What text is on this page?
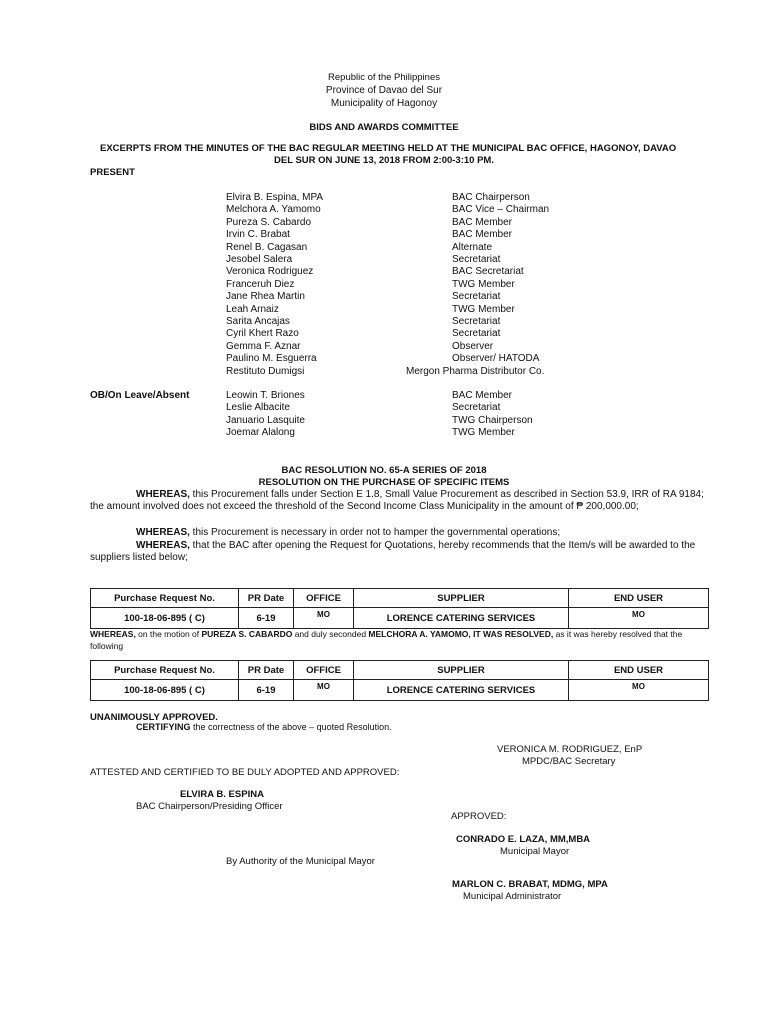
Republic of the Philippines
Province of Davao del Sur
Municipality of Hagonoy
BIDS AND AWARDS COMMITTEE
EXCERPTS FROM THE MINUTES OF THE BAC REGULAR MEETING HELD AT THE MUNICIPAL BAC OFFICE, HAGONOY, DAVAO
DEL SUR ON JUNE 13, 2018 FROM 2:00-3:10 PM.
PRESENT
Elvira B. Espina, MPA	BAC Chairperson
Melchora A. Yamomo	BAC Vice – Chairman
Pureza S. Cabardo	BAC Member
Irvin C. Brabat	BAC Member
Renel B. Cagasan	Alternate
Jesobel Salera	Secretariat
Veronica Rodriguez	BAC Secretariat
Franceruh Diez	TWG Member
Jane Rhea Martin	Secretariat
Leah Arnaiz	TWG Member
Sarita Ancajas	Secretariat
Cyril Khert Razo	Secretariat
Gemma F. Aznar	Observer
Paulino M. Esguerra	Observer/ HATODA
Restituto Dumigsi	Mergon Pharma Distributor Co.
OB/On Leave/Absent	Leowin T. Briones	BAC Member
Leslie Albacite	Secretariat
Januario Lasquite	TWG Chairperson
Joemar Alalong	TWG Member
BAC RESOLUTION NO. 65-A SERIES OF 2018
RESOLUTION ON THE PURCHASE OF SPECIFIC ITEMS
WHEREAS, this Procurement falls under Section E 1.8, Small Value Procurement as described in Section 53.9, IRR of RA 9184; the amount involved does not exceed the threshold of the Second Income Class Municipality in the amount of ₱ 200,000.00;
WHEREAS, this Procurement is necessary in order not to hamper the governmental operations;
WHEREAS, that the BAC after opening the Request for Quotations, hereby recommends that the Item/s will be awarded to the suppliers listed below;
Purchase Request No.	PR Date	OFFICE	SUPPLIER	END USER
100-18-06-895 ( C)	6-19	MO	LORENCE CATERING SERVICES	MO
WHEREAS, on the motion of PUREZA S. CABARDO and duly seconded MELCHORA A. YAMOMO, IT WAS RESOLVED, as it was hereby resolved that the following
Purchase Request No.	PR Date	OFFICE	SUPPLIER	END USER
100-18-06-895 ( C)	6-19	MO	LORENCE CATERING SERVICES	MO
UNANIMOUSLY APPROVED.
CERTIFYING the correctness of the above – quoted Resolution.
VERONICA M. RODRIGUEZ, EnP
MPDC/BAC Secretary
ATTESTED AND CERTIFIED TO BE DULY ADOPTED AND APPROVED:
ELVIRA B. ESPINA
BAC Chairperson/Presiding Officer
APPROVED:
CONRADO E. LAZA, MM,MBA
Municipal Mayor
By Authority of the Municipal Mayor
MARLON C. BRABAT, MDMG, MPA
Municipal Administrator
